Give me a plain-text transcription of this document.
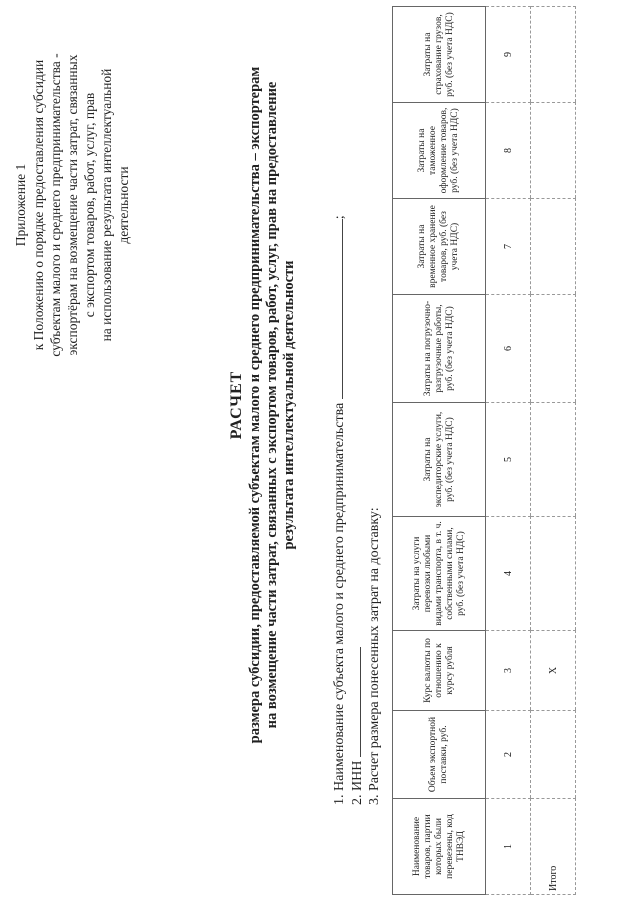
Приложение 1 к Положению о порядке предоставления субсидии субъектам малого и среднего предпринимательства - экспортёрам на возмещение части затрат, связанных с экспортом товаров, работ, услуг, прав на использование результата интеллектуальной деятельности
РАСЧЕТ размера субсидии, предоставляемой субъектам малого и среднего предпринимательства – экспортерам на возмещение части затрат, связанных с экспортом товаров, работ, услуг, прав на предоставление результата интеллектуальной деятельности	1. Наименование субъекта малого и среднего предпринимательства ;
2. ИНН 3. Расчет размера понесенных затрат на доставку:
Наименование товаров, партии которых были перевезены, код ТНВЭД	Объем экспортной поставки, руб.	Курс валюты по отношению к курсу рубля	Затраты на услуги перевозки любыми видами транспорта, в т. ч. собственными силами, руб. (без учета НДС)	Затраты на экспедиторские услуги, руб. (без учета НДС)	Затраты на погрузочно-разгрузочные работы, руб. (без учета НДС)	Затраты на временное хранение товаров, руб. (без учета НДС)	Затраты на таможенное оформление товаров, руб. (без учета НДС)	Затраты на страхование грузов, руб. (без учета НДС)
1	2	3	4	5	6	7	8	9
Итого		Х						
